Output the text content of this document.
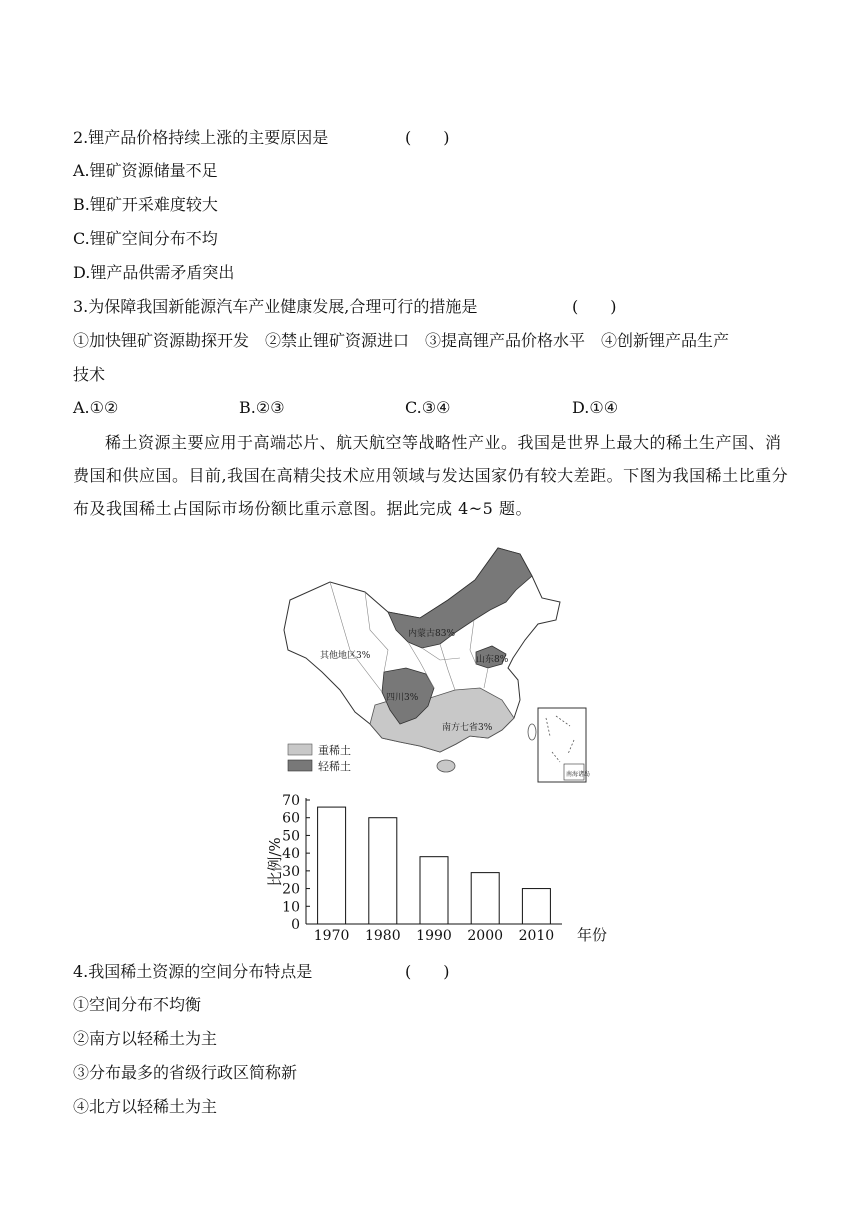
2.锂产品价格持续上涨的主要原因是	(　　)
A.锂矿资源储量不足
B.锂矿开采难度较大
C.锂矿空间分布不均
D.锂产品供需矛盾突出
3.为保障我国新能源汽车产业健康发展,合理可行的措施是	(　　)
①加快锂矿资源勘探开发　②禁止锂矿资源进口　③提高锂产品价格水平　④创新锂产品生产
技术
A.①②	B.②③	C.③④	D.①④
稀土资源主要应用于高端芯片、航天航空等战略性产业。我国是世界上最大的稀土生产国、消费国和供应国。目前,我国在高精尖技术应用领域与发达国家仍有较大差距。下图为我国稀土比重分布及我国稀土占国际市场份额比重示意图。据此完成 4~5 题。
内蒙古83%
山东8%
四川3%
南方七省3%
其他地区3%
南海诸岛
重稀土
轻稀土
0
10
20
30
40
50
60
70
1970 1980 1990 2000 2010 年份
比例/%
4.我国稀土资源的空间分布特点是	(　　)
①空间分布不均衡
②南方以轻稀土为主
③分布最多的省级行政区简称新
④北方以轻稀土为主
